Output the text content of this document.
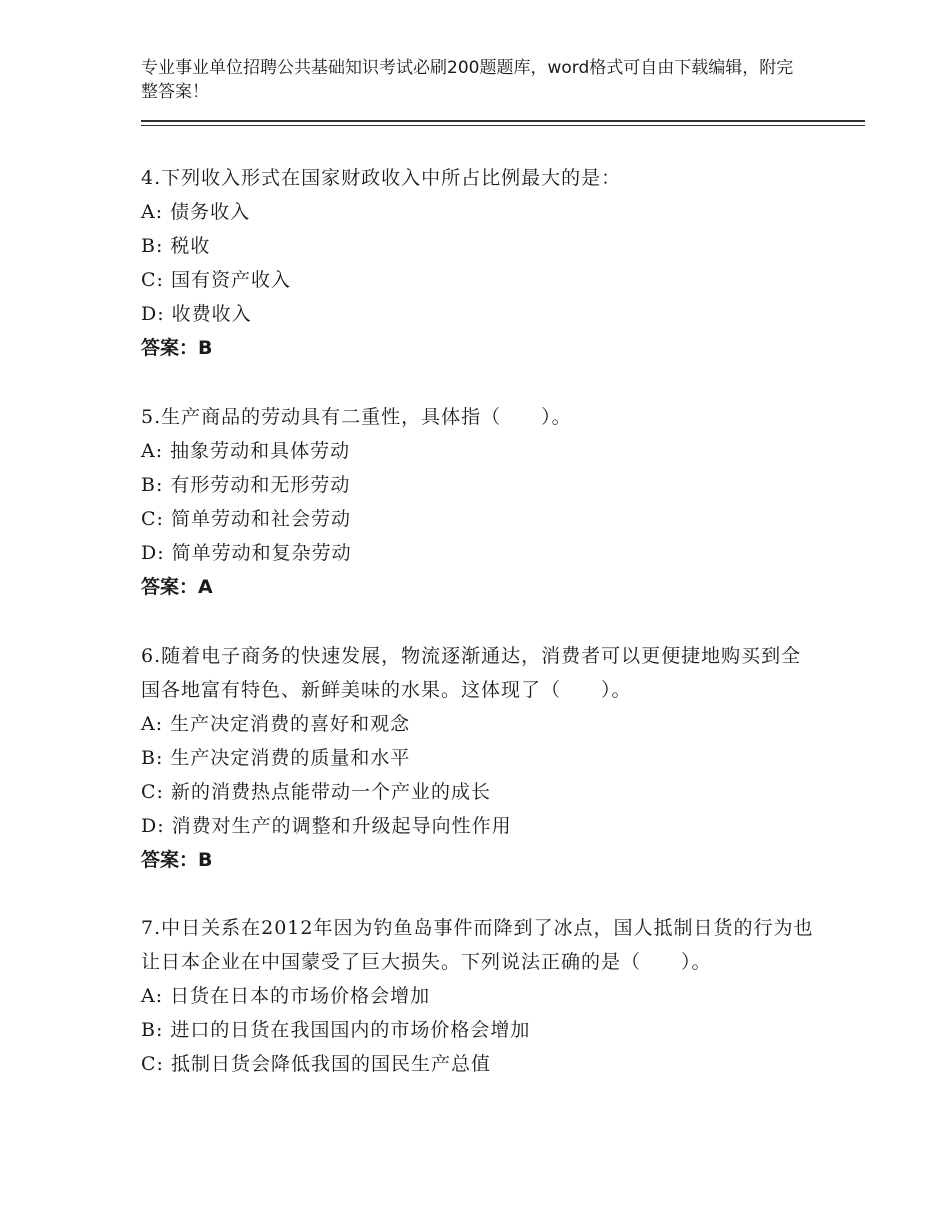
专业事业单位招聘公共基础知识考试必刷200题题库，word格式可自由下载编辑，附完整答案！

4.下列收入形式在国家财政收入中所占比例最大的是：

A: 债务收入

B: 税收

C: 国有资产收入

D: 收费收入

答案：B

5.生产商品的劳动具有二重性，具体指（　　）。

A: 抽象劳动和具体劳动

B: 有形劳动和无形劳动

C: 简单劳动和社会劳动

D: 简单劳动和复杂劳动

答案：A

6.随着电子商务的快速发展，物流逐渐通达，消费者可以更便捷地购买到全国各地富有特色、新鲜美味的水果。这体现了（　　）。

A: 生产决定消费的喜好和观念

B: 生产决定消费的质量和水平

C: 新的消费热点能带动一个产业的成长

D: 消费对生产的调整和升级起导向性作用

答案：B

7.中日关系在2012年因为钓鱼岛事件而降到了冰点，国人抵制日货的行为也让日本企业在中国蒙受了巨大损失。下列说法正确的是（　　）。

A: 日货在日本的市场价格会增加

B: 进口的日货在我国国内的市场价格会增加

C: 抵制日货会降低我国的国民生产总值
